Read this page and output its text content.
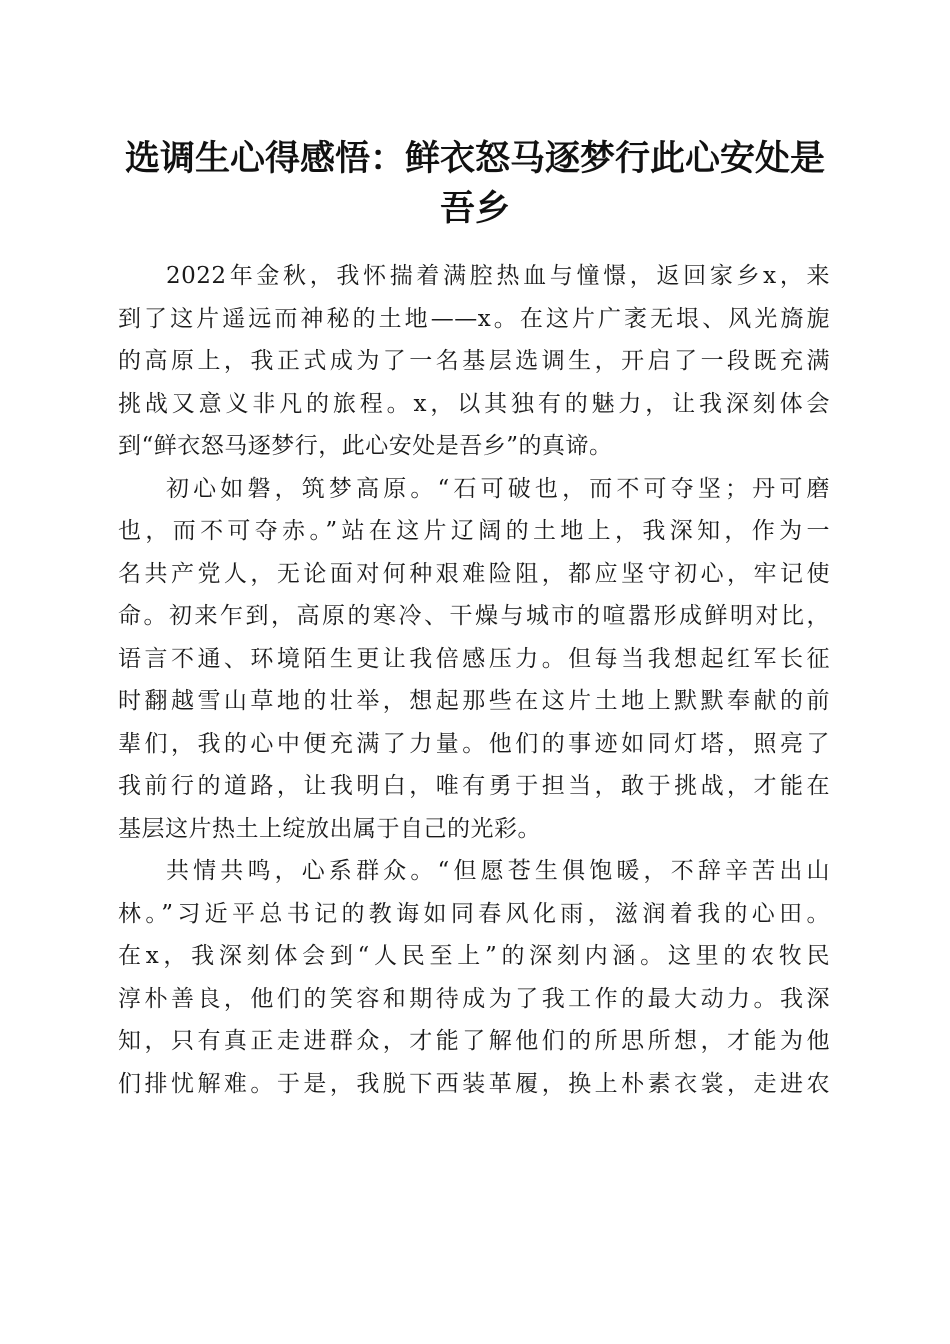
选调生心得感悟：鲜衣怒马逐梦行此心安处是
吾乡
2022年金秋，我怀揣着满腔热血与憧憬，返回家乡x，来
到了这片遥远而神秘的土地——x。在这片广袤无垠、风光旖旎
的高原上，我正式成为了一名基层选调生，开启了一段既充满
挑战又意义非凡的旅程。x，以其独有的魅力，让我深刻体会
到“鲜衣怒马逐梦行，此心安处是吾乡”的真谛。
初心如磐，筑梦高原。“石可破也，而不可夺坚；丹可磨
也，而不可夺赤。”站在这片辽阔的土地上，我深知，作为一
名共产党人，无论面对何种艰难险阻，都应坚守初心，牢记使
命。初来乍到，高原的寒冷、干燥与城市的喧嚣形成鲜明对比，
语言不通、环境陌生更让我倍感压力。但每当我想起红军长征
时翻越雪山草地的壮举，想起那些在这片土地上默默奉献的前
辈们，我的心中便充满了力量。他们的事迹如同灯塔，照亮了
我前行的道路，让我明白，唯有勇于担当，敢于挑战，才能在
基层这片热土上绽放出属于自己的光彩。
共情共鸣，心系群众。“但愿苍生俱饱暖，不辞辛苦出山
林。”习近平总书记的教诲如同春风化雨，滋润着我的心田。
在x，我深刻体会到“人民至上”的深刻内涵。这里的农牧民
淳朴善良，他们的笑容和期待成为了我工作的最大动力。我深
知，只有真正走进群众，才能了解他们的所思所想，才能为他
们排忧解难。于是，我脱下西装革履，换上朴素衣裳，走进农
